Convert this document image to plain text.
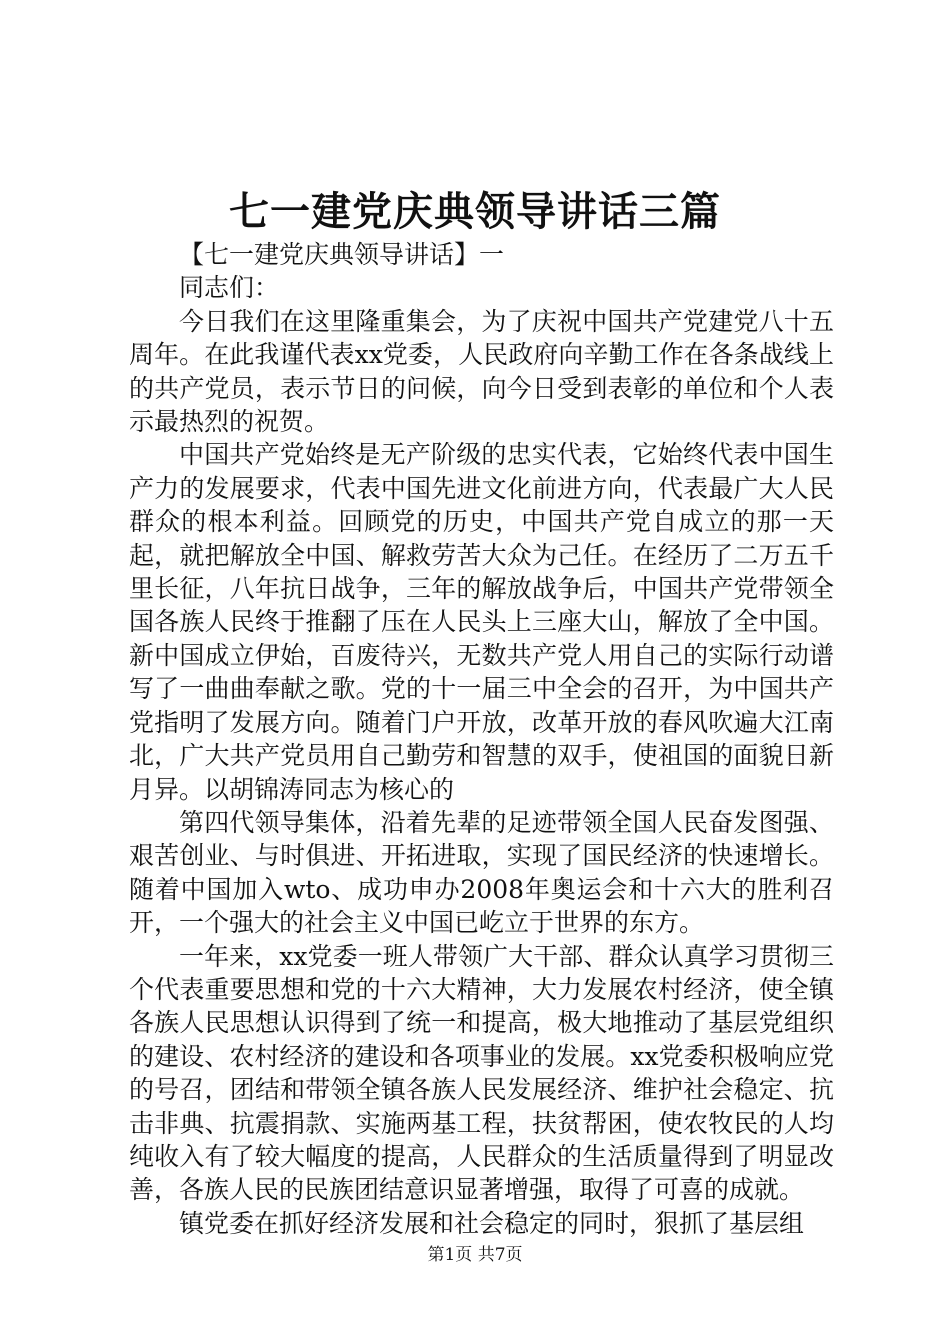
七一建党庆典领导讲话三篇

【七一建党庆典领导讲话】一

同志们：

今日我们在这里隆重集会，为了庆祝中国共产党建党八十五周年。在此我谨代表xx党委，人民政府向辛勤工作在各条战线上的共产党员，表示节日的问候，向今日受到表彰的单位和个人表示最热烈的祝贺。

中国共产党始终是无产阶级的忠实代表，它始终代表中国生产力的发展要求，代表中国先进文化前进方向，代表最广大人民群众的根本利益。回顾党的历史，中国共产党自成立的那一天起，就把解放全中国、解救劳苦大众为己任。在经历了二万五千里长征，八年抗日战争，三年的解放战争后，中国共产党带领全国各族人民终于推翻了压在人民头上三座大山，解放了全中国。新中国成立伊始，百废待兴，无数共产党人用自己的实际行动谱写了一曲曲奉献之歌。党的十一届三中全会的召开，为中国共产党指明了发展方向。随着门户开放，改革开放的春风吹遍大江南北，广大共产党员用自己勤劳和智慧的双手，使祖国的面貌日新月异。以胡锦涛同志为核心的

第四代领导集体，沿着先辈的足迹带领全国人民奋发图强、艰苦创业、与时俱进、开拓进取，实现了国民经济的快速增长。随着中国加入wto、成功申办2008年奥运会和十六大的胜利召开，一个强大的社会主义中国已屹立于世界的东方。

一年来，xx党委一班人带领广大干部、群众认真学习贯彻三个代表重要思想和党的十六大精神，大力发展农村经济，使全镇各族人民思想认识得到了统一和提高，极大地推动了基层党组织的建设、农村经济的建设和各项事业的发展。xx党委积极响应党的号召，团结和带领全镇各族人民发展经济、维护社会稳定、抗击非典、抗震捐款、实施两基工程，扶贫帮困，使农牧民的人均纯收入有了较大幅度的提高，人民群众的生活质量得到了明显改善，各族人民的民族团结意识显著增强，取得了可喜的成就。

镇党委在抓好经济发展和社会稳定的同时，狠抓了基层组

第1页 共7页
